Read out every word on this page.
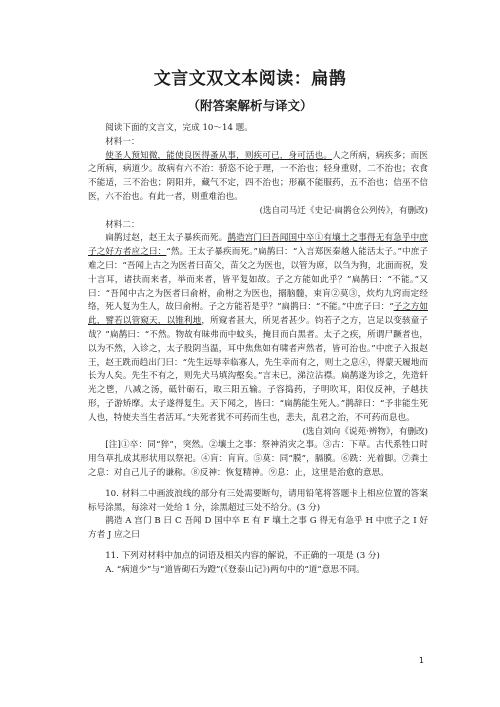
文言文双文本阅读：扁鹊
（附答案解析与译文）

阅读下面的文言文，完成 10～14 题。

材料一：

使圣人预知微，能使良医得蚤从事，则疾可已，身可活也。人之所病，病疾多；而医之所病，病道少。故病有六不治：骄恣不论于理，一不治也；轻身重财，二不治也；衣食不能适，三不治也；阴阳并，藏气不定，四不治也；形羸不能服药，五不治也；信巫不信医，六不治也。有此一者，则重难治也。

(选自司马迁《史记·扁鹊仓公列传》，有删改)

材料二：

扁鹊过赵，赵王太子暴疾而死。鹊造宫门曰吾闻国中卒①有壤土之事得无有急乎中庶子之好方者应之曰：“然。王太子暴疾而死。”扁鹊曰：“入言郑医秦越人能活太子。”中庶子难之曰：“吾闻上古之为医者曰苗父，苗父之为医也，以管为席，以刍为狗，北面而祝，发十言耳，诸扶而来者，举而来者，皆平复如故。子之方能如此乎？”扁鹊曰：“不能。”又曰：“吾闻中古之为医者曰俞柎，俞柎之为医也，搦脑髓，束肓②莫③，炊灼九窍而定经络，死人复为生人，故曰俞柎。子之方能若是乎？”扁鹊曰：“不能。”中庶子曰：“子之方如此，譬若以管窥天，以锥利地，所窥者甚大，所见者甚少。钧若子之方，岂足以变骇童子哉？”扁鹊曰：“不然。物故有昧弗而中蚊头，掩目而白黑者。太子之疾，所谓尸蹶者也，以为不然，入诊之，太子股阴当温，耳中焦焦如有啸者声然者，皆可治也。”中庶子入报赵王，赵王跣而趋出门曰：“先生远辱幸临寡人，先生幸而有之，则土之息④，得蒙天履地而长为人矣。先生不有之，则先犬马填沟壑矣。”言未已，涕泣沾襟。扁鹊遂为诊之，先造轩光之鬯，八减之汤，砥针砺石，取三阳五输。子容捣药，子明吹耳，阳仪反神，子越扶形，子游矫摩。太子遂得复生。天下闻之，皆曰：“扁鹊能生死人。”鹊辞曰：“予非能生死人也，特使夫当生者活耳。”夫死者犹不可药而生也，悲夫，乱君之治，不可药而息也。

(选自刘向《说苑·辨物》，有删改)

[注]①卒：同“猝”，突然。②壤土之事：祭神消灾之事。③古：下草。古代系牲口时用刍草扎成其形状用以祭祀。④肓：肓肓。⑤莫：同“膜”，膈膜。⑥跣：光着脚。⑦粪土之息：对自己儿子的谦称。⑧反神：恢复精神。⑨息：止，这里是治愈的意思。

10. 材料二中画波浪线的部分有三处需要断句，请用铅笔将答题卡上相应位置的答案标号涂黑，每涂对一处给 1 分，涂黑超过三处不给分。(3 分)

鹊造 A 宫门 B 曰 C 吾闻 D 国中卒 E 有 F 壤土之事 G 得无有急乎 H 中庶子之 I 好方者 J 应之曰

11. 下列对材料中加点的词语及相关内容的解说，不正确的一项是 (3 分)

A. “病道少”与“道皆砌石为蹬”(《登泰山记》)两句中的“道”意思不同。

1
